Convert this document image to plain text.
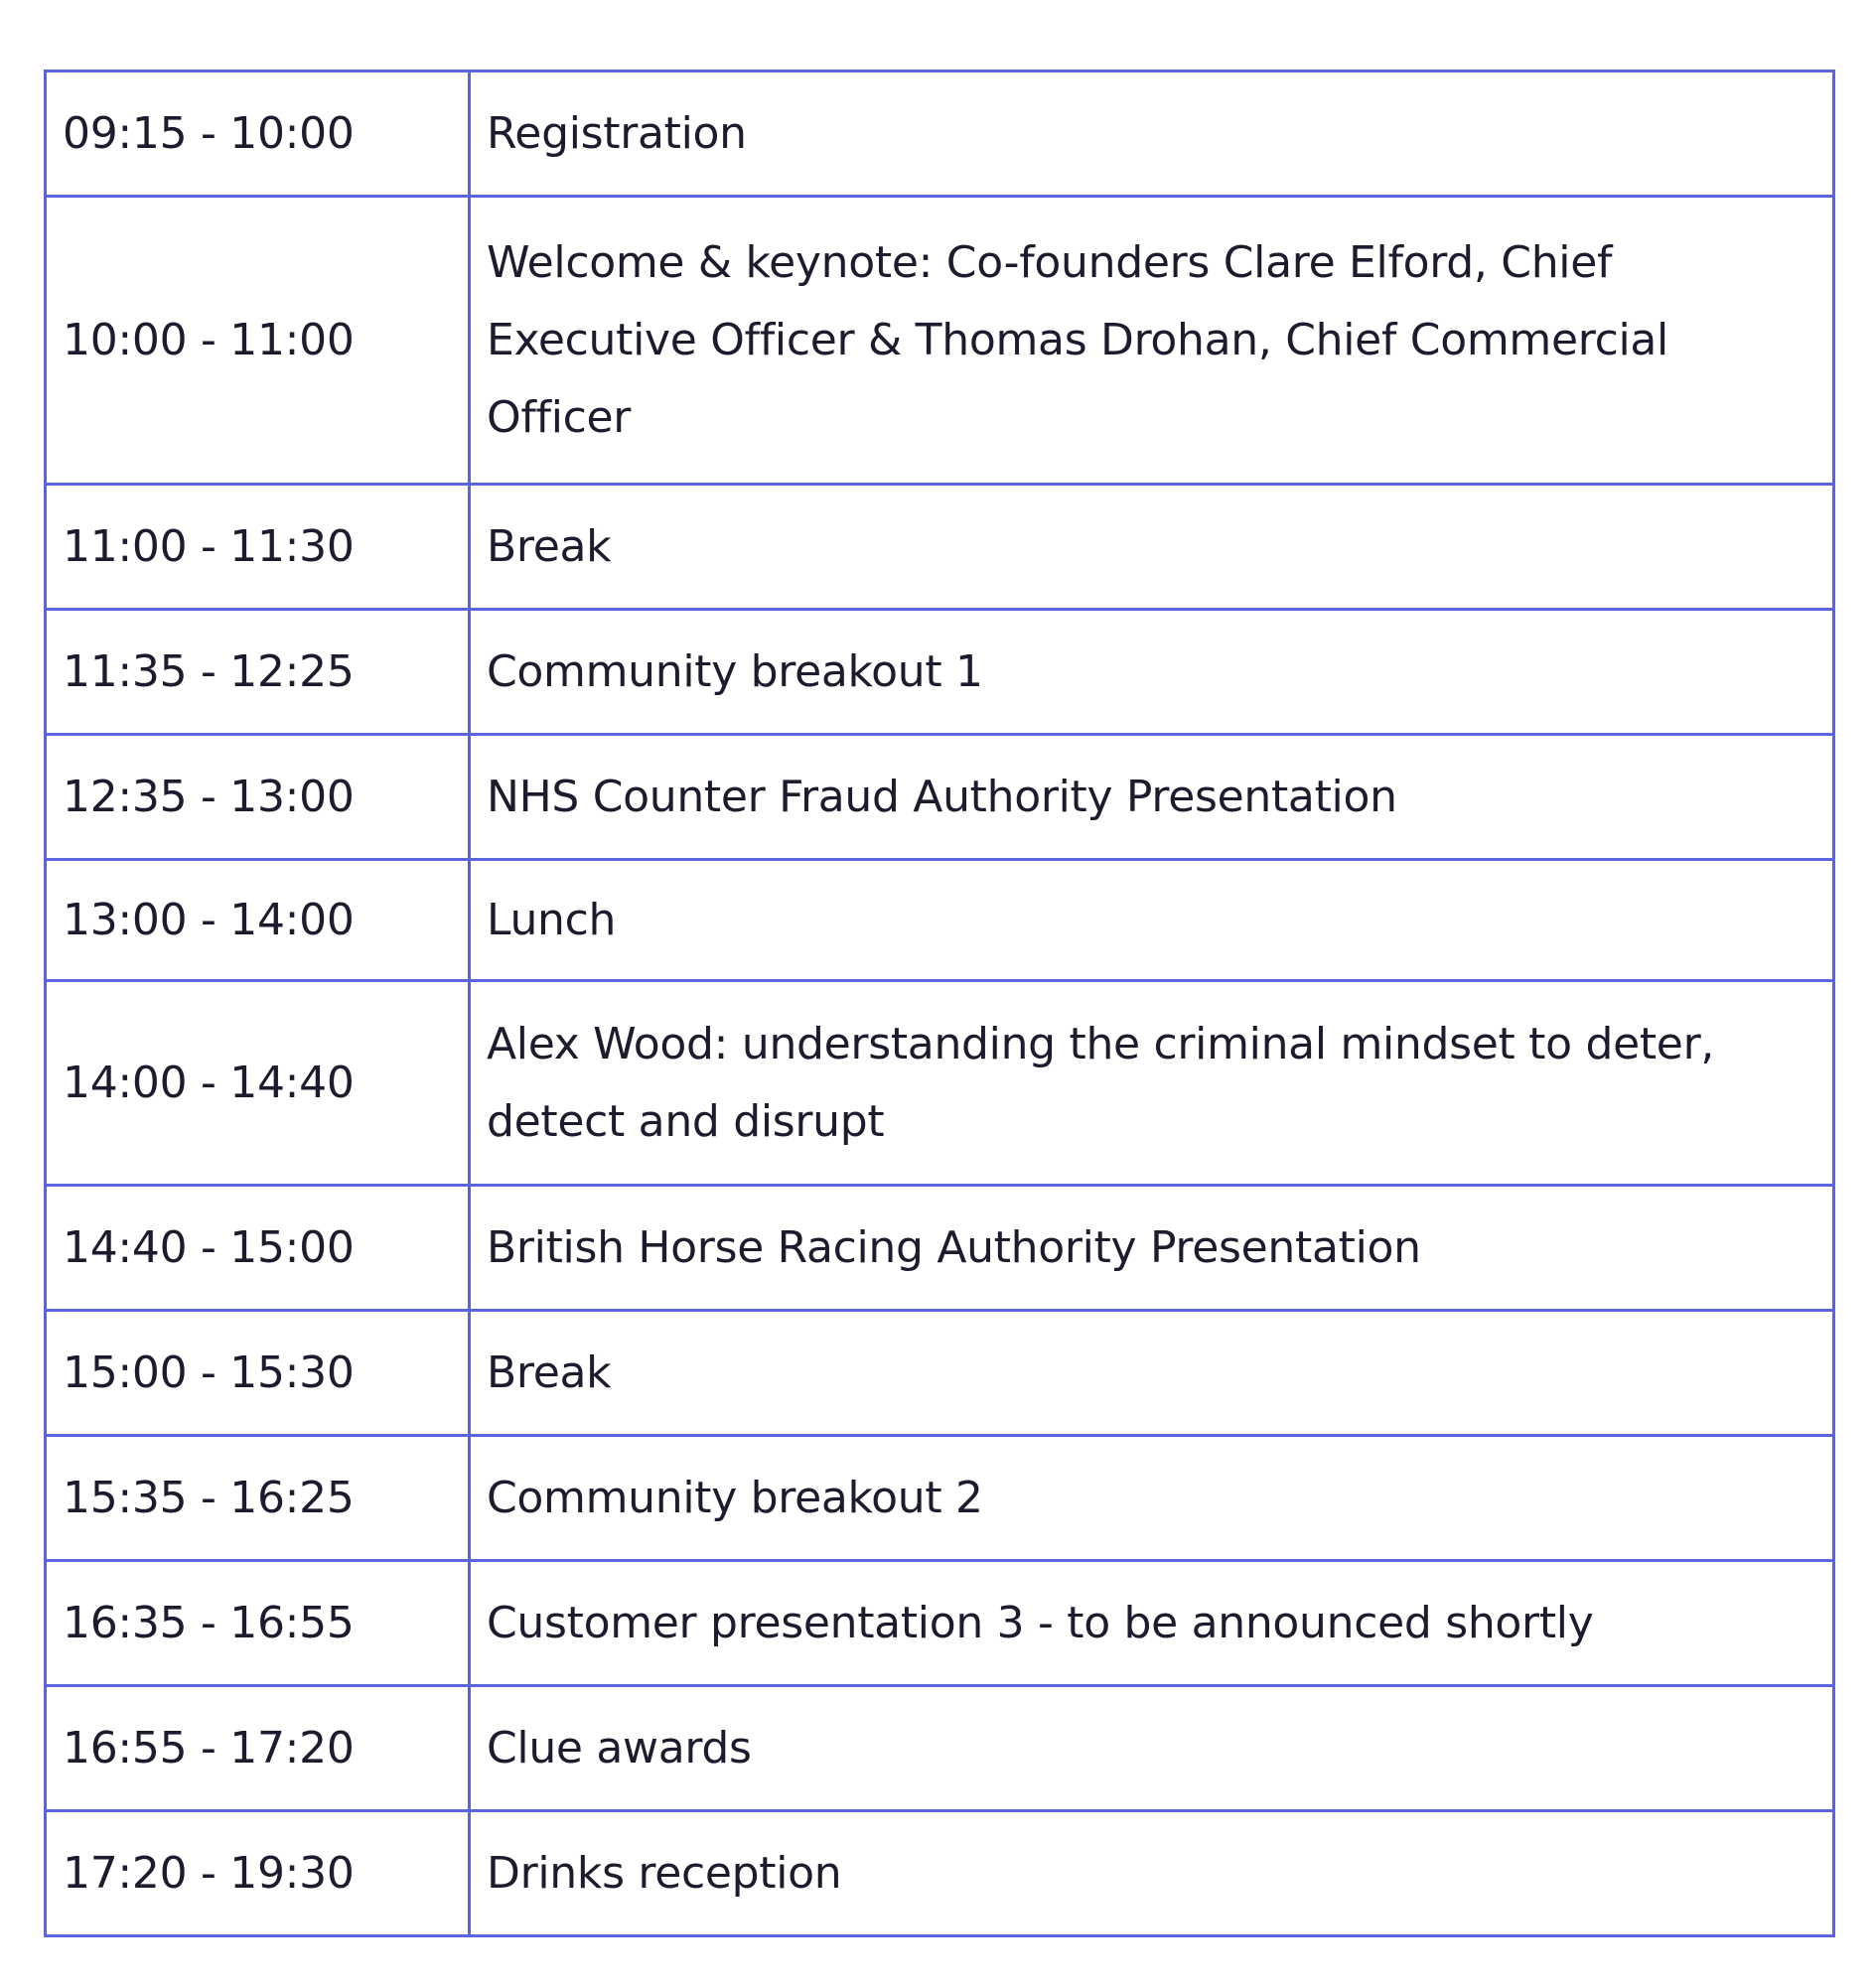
09:15 - 10:00	Registration
10:00 - 11:00	Welcome & keynote: Co-founders Clare Elford, Chief Executive Officer & Thomas Drohan, Chief Commercial Officer
11:00 - 11:30	Break
11:35 - 12:25	Community breakout 1
12:35 - 13:00	NHS Counter Fraud Authority Presentation
13:00 - 14:00	Lunch
14:00 - 14:40	Alex Wood: understanding the criminal mindset to deter, detect and disrupt
14:40 - 15:00	British Horse Racing Authority Presentation
15:00 - 15:30	Break
15:35 - 16:25	Community breakout 2
16:35 - 16:55	Customer presentation 3 - to be announced shortly
16:55 - 17:20	Clue awards
17:20 - 19:30	Drinks reception
